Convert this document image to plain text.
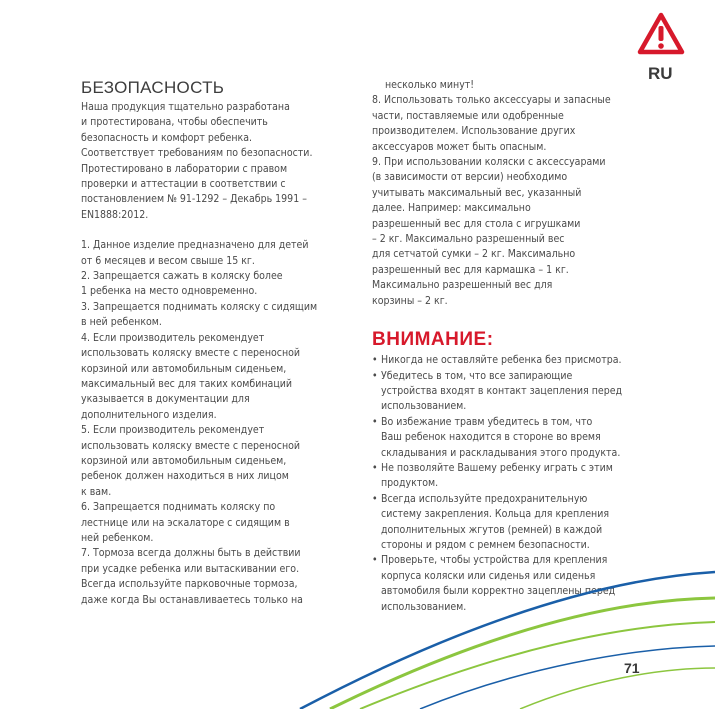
RU
БЕЗОПАСНОСТЬ
Наша продукция тщательно разработана
и протестирована, чтобы обеспечить
безопасность и комфорт ребенка.
Соответствует требованиям по безопасности.
Протестировано в лаборатории с правом
проверки и аттестации в соответствии с
постановлением № 91-1292 – Декабрь 1991 –
EN1888:2012.
1. Данное изделие предназначено для детей
от 6 месяцев и весом свыше 15 кг.
2. Запрещается сажать в коляску более
1 ребенка на место одновременно.
3. Запрещается поднимать коляску с сидящим
в ней ребенком.
4. Если производитель рекомендует
использовать коляску вместе с переносной
корзиной или автомобильным сиденьем,
максимальный вес для таких комбинаций
указывается в документации для
дополнительного изделия.
5. Если производитель рекомендует
использовать коляску вместе с переносной
корзиной или автомобильным сиденьем,
ребенок должен находиться в них лицом
к вам.
6. Запрещается поднимать коляску по
лестнице или на эскалаторе с сидящим в
ней ребенком.
7. Тормоза всегда должны быть в действии
при усадке ребенка или вытаскивании его.
Всегда используйте парковочные тормоза,
даже когда Вы останавливаетесь только на
несколько минут!
8. Использовать только аксессуары и запасные
части, поставляемые или одобренные
производителем. Использование других
аксессуаров может быть опасным.
9. При использовании коляски с аксессуарами
(в зависимости от версии) необходимо
учитывать максимальный вес, указанный
далее. Например: максимально
разрешенный вес для стола с игрушками
– 2 кг. Максимально разрешенный вес
для сетчатой сумки – 2 кг. Максимально
разрешенный вес для кармашка – 1 кг.
Максимально разрешенный вес для
корзины – 2 кг.
ВНИМАНИЕ:
• Никогда не оставляйте ребенка без присмотра.
• Убедитесь в том, что все запирающие
устройства входят в контакт зацепления перед
использованием.
• Во избежание травм убедитесь в том, что
Ваш ребенок находится в стороне во время
складывания и раскладывания этого продукта.
• Не позволяйте Вашему ребенку играть с этим
продуктом.
• Всегда используйте предохранительную
систему закрепления. Кольца для крепления
дополнительных жгутов (ремней) в каждой
стороны и рядом с ремнем безопасности.
• Проверьте, чтобы устройства для крепления
корпуса коляски или сиденья или сиденья
автомобиля были корректно зацеплены перед
использованием.
71
